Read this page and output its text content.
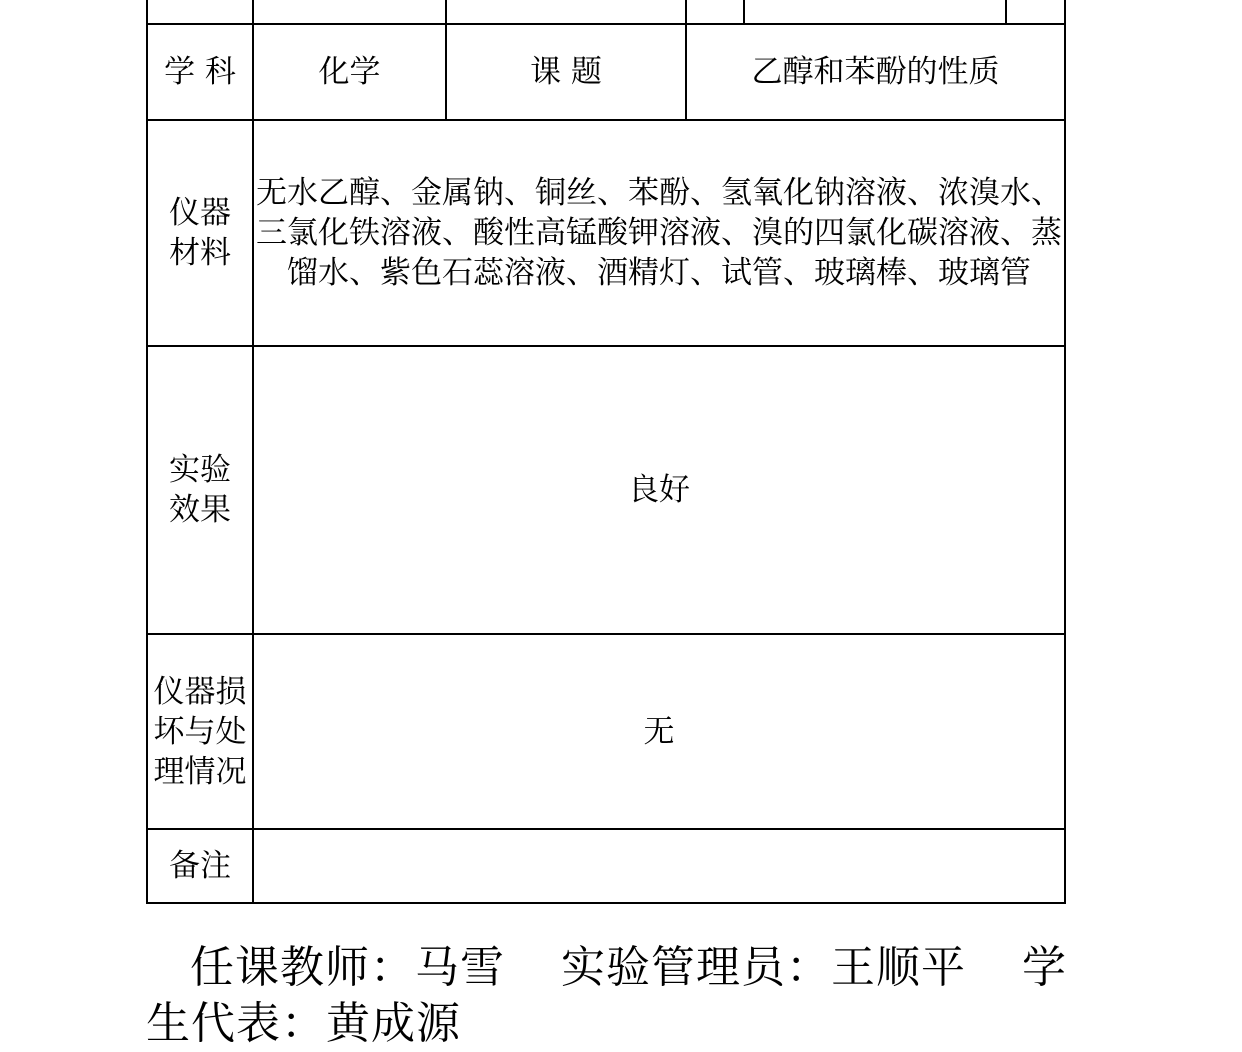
学 科	化学	课 题	乙醇和苯酚的性质		

仪器材料	无水乙醇、金属钠、铜丝、苯酚、氢氧化钠溶液、浓溴水、三氯化铁溶液、酸性高锰酸钾溶液、溴的四氯化碳溶液、蒸馏水、紫色石蕊溶液、酒精灯、试管、玻璃棒、玻璃管				

实验效果	良好				

仪器损坏与处理情况	无				
备注					
任课教师：马雪 实验管理员：王顺平 学生代表：黄成源
